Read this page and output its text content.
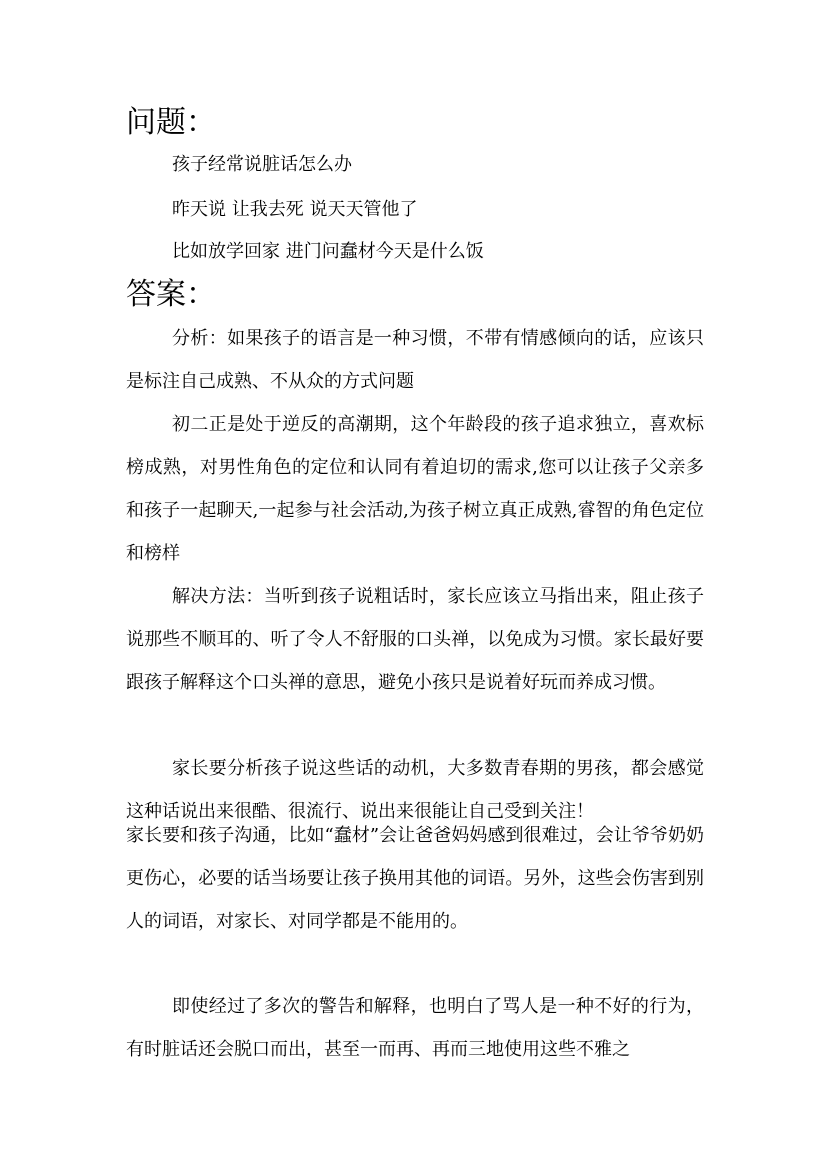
问题：

孩子经常说脏话怎么办

昨天说 让我去死 说天天管他了

比如放学回家 进门问蠢材今天是什么饭

答案：

分析：如果孩子的语言是一种习惯，不带有情感倾向的话，应该只是标注自己成熟、不从众的方式问题

初二正是处于逆反的高潮期，这个年龄段的孩子追求独立，喜欢标榜成熟，对男性角色的定位和认同有着迫切的需求,您可以让孩子父亲多和孩子一起聊天,一起参与社会活动,为孩子树立真正成熟,睿智的角色定位和榜样

解决方法：当听到孩子说粗话时，家长应该立马指出来，阻止孩子说那些不顺耳的、听了令人不舒服的口头禅，以免成为习惯。家长最好要跟孩子解释这个口头禅的意思，避免小孩只是说着好玩而养成习惯。

家长要分析孩子说这些话的动机，大多数青春期的男孩，都会感觉这种话说出来很酷、很流行、说出来很能让自己受到关注！

家长要和孩子沟通，比如“蠢材”会让爸爸妈妈感到很难过，会让爷爷奶奶更伤心，必要的话当场要让孩子换用其他的词语。另外，这些会伤害到别人的词语，对家长、对同学都是不能用的。

即使经过了多次的警告和解释，也明白了骂人是一种不好的行为，有时脏话还会脱口而出，甚至一而再、再而三地使用这些不雅之
